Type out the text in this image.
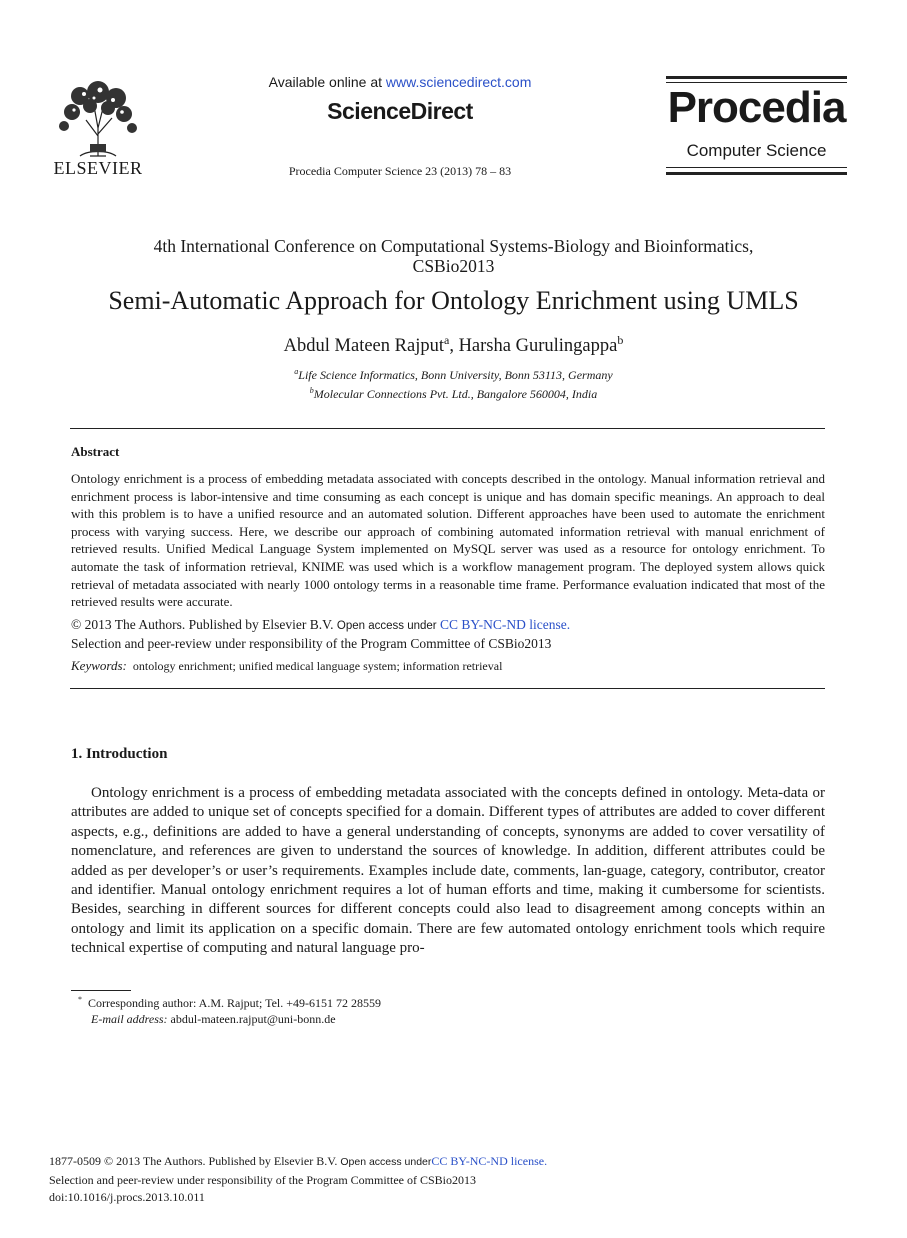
ELSEVIER
Available online at www.sciencedirect.com
ScienceDirect
Procedia Computer Science 23 (2013) 78 – 83
Procedia
Computer Science
4th International Conference on Computational Systems-Biology and Bioinformatics,
CSBio2013
Semi-Automatic Approach for Ontology Enrichment using UMLS
Abdul Mateen Rajput$^a$, Harsha Gurulingappa$^b$
$^a$Life Science Informatics, Bonn University, Bonn 53113, Germany
$^b$Molecular Connections Pvt. Ltd., Bangalore 560004, India
Abstract
Ontology enrichment is a process of embedding metadata associated with concepts described in the ontology. Manual information retrieval and enrichment process is labor-intensive and time consuming as each concept is unique and has domain specific meanings. An approach to deal with this problem is to have a unified resource and an automated solution. Different approaches have been used to automate the enrichment process with varying success. Here, we describe our approach of combining automated information retrieval with manual enrichment of retrieved results. Unified Medical Language System implemented on MySQL server was used as a resource for ontology enrichment. To automate the task of information retrieval, KNIME was used which is a workflow management program. The deployed system allows quick retrieval of metadata associated with nearly 1000 ontology terms in a reasonable time frame. Performance evaluation indicated that most of the retrieved results were accurate.
© 2013 The Authors. Published by Elsevier B.V. Open access under CC BY-NC-ND license.
Selection and peer-review under responsibility of the Program Committee of CSBio2013
Keywords: ontology enrichment; unified medical language system; information retrieval
1. Introduction
Ontology enrichment is a process of embedding metadata associated with the concepts defined in ontology. Meta-data or attributes are added to unique set of concepts specified for a domain. Different types of attributes are added to cover different aspects, e.g., definitions are added to have a general understanding of concepts, synonyms are added to cover versatility of nomenclature, and references are given to understand the sources of knowledge. In addition, different attributes could be added as per developer’s or user’s requirements. Examples include date, comments, lan-guage, category, contributor, creator and identifier. Manual ontology enrichment requires a lot of human efforts and time, making it cumbersome for scientists. Besides, searching in different sources for different concepts could also lead to disagreement among concepts within an ontology and limit its application on a specific domain. There are few automated ontology enrichment tools which require technical expertise of computing and natural language pro-
* Corresponding author: A.M. Rajput; Tel. +49-6151 72 28559
E-mail address: abdul-mateen.rajput@uni-bonn.de
1877-0509 © 2013 The Authors. Published by Elsevier B.V. Open access underCC BY-NC-ND license.
Selection and peer-review under responsibility of the Program Committee of CSBio2013
doi:10.1016/j.procs.2013.10.011
